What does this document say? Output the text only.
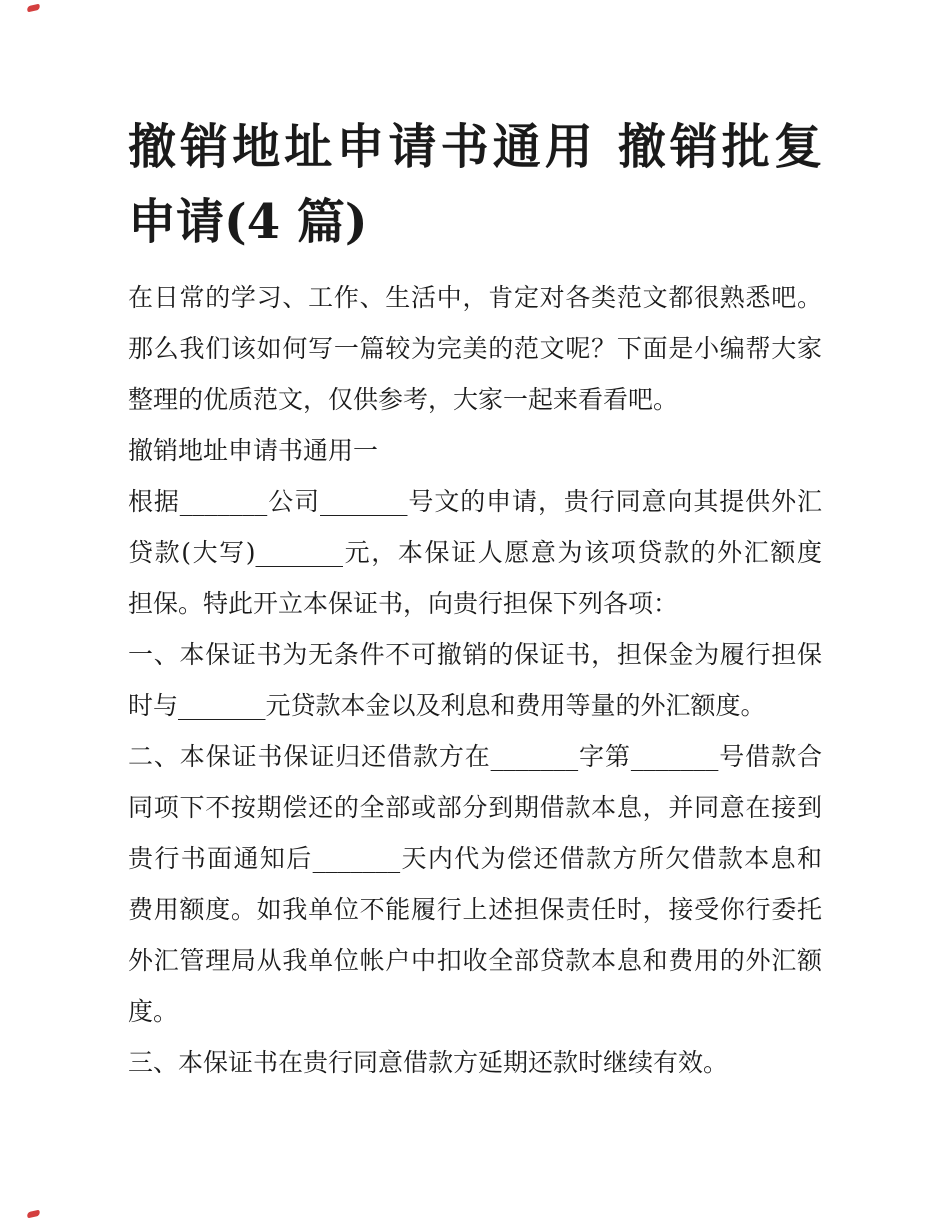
撤销地址申请书通用 撤销批复
申请(4 篇)
在日常的学习、工作、生活中，肯定对各类范文都很熟悉吧。
那么我们该如何写一篇较为完美的范文呢？下面是小编帮大家
整理的优质范文，仅供参考，大家一起来看看吧。
撤销地址申请书通用一
根据_______公司_______号文的申请，贵行同意向其提供外汇
贷款(大写)_______元，本保证人愿意为该项贷款的外汇额度
担保。特此开立本保证书，向贵行担保下列各项：
一、本保证书为无条件不可撤销的保证书，担保金为履行担保
时与_______元贷款本金以及利息和费用等量的外汇额度。
二、本保证书保证归还借款方在_______字第_______号借款合
同项下不按期偿还的全部或部分到期借款本息，并同意在接到
贵行书面通知后_______天内代为偿还借款方所欠借款本息和
费用额度。如我单位不能履行上述担保责任时，接受你行委托
外汇管理局从我单位帐户中扣收全部贷款本息和费用的外汇额
度。
三、本保证书在贵行同意借款方延期还款时继续有效。
